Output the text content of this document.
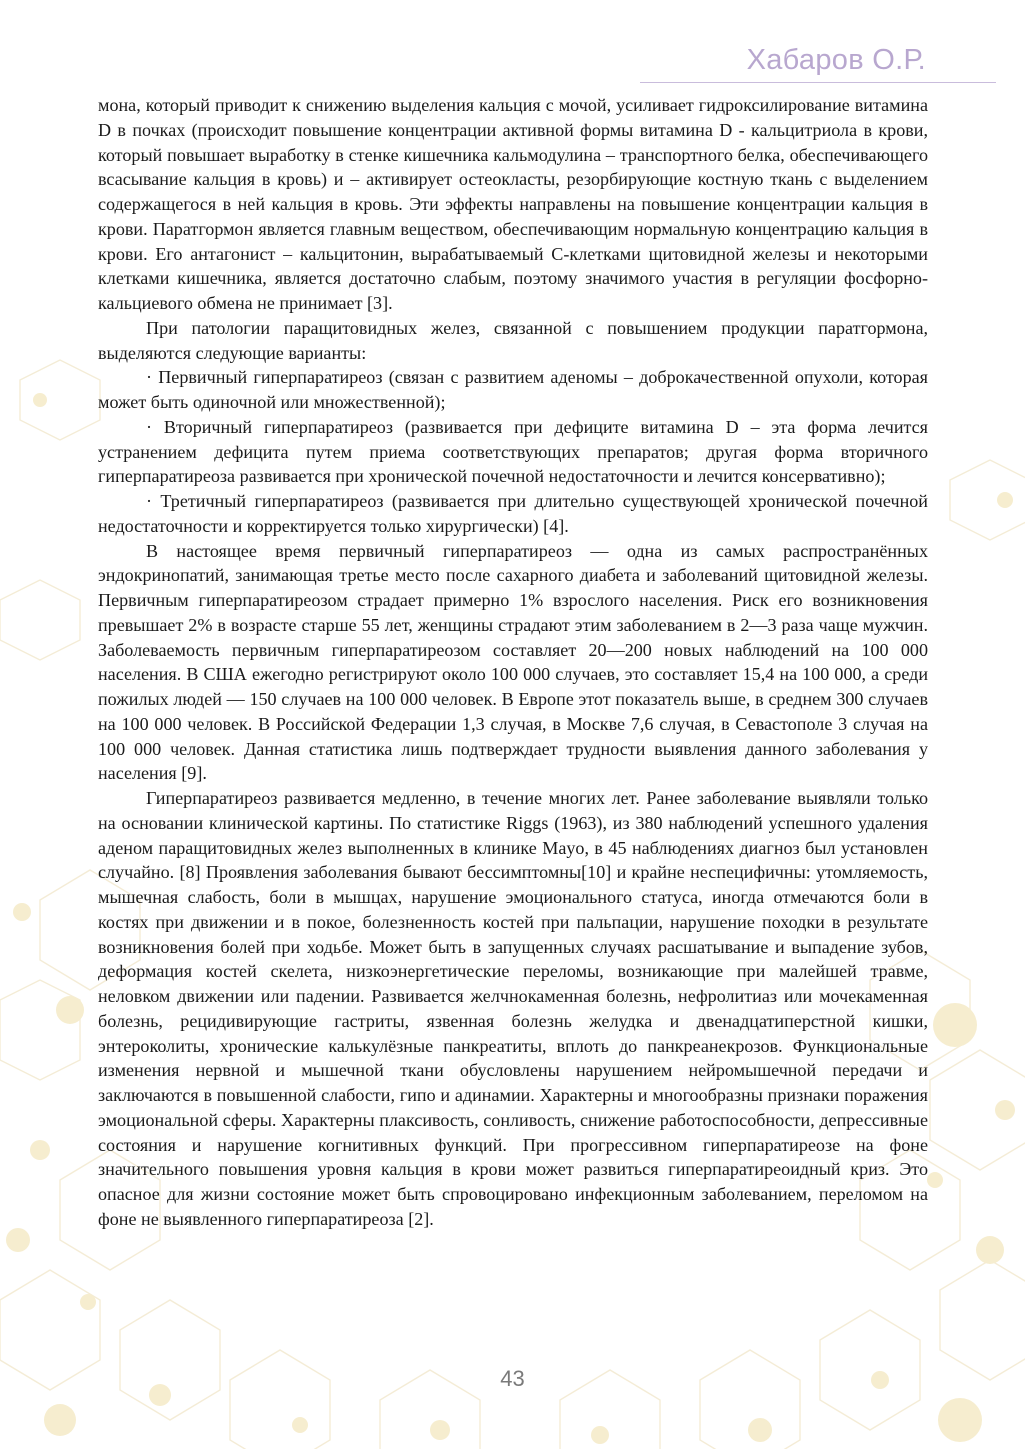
Хабаров О.Р.

мона, который приводит к снижению выделения кальция с мочой, усиливает гидроксилирование витамина D в почках (происходит повышение концентрации активной формы витамина D - кальцитриола в крови, который повышает выработку в стенке кишечника кальмодулина – транспортного белка, обеспечивающего всасывание кальция в кровь) и – активирует остеокласты, резорбирующие костную ткань с выделением содержащегося в ней кальция в кровь. Эти эффекты направлены на повышение концентрации кальция в крови. Паратгормон является главным веществом, обеспечивающим нормальную концентрацию кальция в крови. Его антагонист – кальцитонин, вырабатываемый С-клетками щитовидной железы и некоторыми клетками кишечника, является достаточно слабым, поэтому значимого участия в регуляции фосфорно-кальциевого обмена не принимает [3].

При патологии паращитовидных желез, связанной с повышением продукции паратгормона, выделяются следующие варианты:

· Первичный гиперпаратиреоз (связан с развитием аденомы – доброкачественной опухоли, которая может быть одиночной или множественной);

· Вторичный гиперпаратиреоз (развивается при дефиците витамина D – эта форма лечится устранением дефицита путем приема соответствующих препаратов; другая форма вторичного гиперпаратиреоза развивается при хронической почечной недостаточности и лечится консервативно);

· Третичный гиперпаратиреоз (развивается при длительно существующей хронической почечной недостаточности и корректируется только хирургически) [4].

В настоящее время первичный гиперпаратиреоз — одна из самых распространённых эндокринопатий, занимающая третье место после сахарного диабета и заболеваний щитовидной железы. Первичным гиперпаратиреозом страдает примерно 1% взрослого населения. Риск его возникновения превышает 2% в возрасте старше 55 лет, женщины страдают этим заболеванием в 2—3 раза чаще мужчин. Заболеваемость первичным гиперпаратиреозом составляет 20—200 новых наблюдений на 100 000 населения. В США ежегодно регистрируют около 100 000 случаев, это составляет 15,4 на 100 000, а среди пожилых людей — 150 случаев на 100 000 человек. В Европе этот показатель выше, в среднем 300 случаев на 100 000 человек. В Российской Федерации 1,3 случая, в Москве 7,6 случая, в Севастополе 3 случая на 100 000 человек. Данная статистика лишь подтверждает трудности выявления данного заболевания у населения [9].

Гиперпаратиреоз развивается медленно, в течение многих лет. Ранее заболевание выявляли только на основании клинической картины. По статистике Riggs (1963), из 380 наблюдений успешного удаления аденом паращитовидных желез выполненных в клинике Mayo, в 45 наблюдениях диагноз был установлен случайно. [8] Проявления заболевания бывают бессимптомны[10] и крайне неспецифичны: утомляемость, мышечная слабость, боли в мышцах, нарушение эмоционального статуса, иногда отмечаются боли в костях при движении и в покое, болезненность костей при пальпации, нарушение походки в результате возникновения болей при ходьбе. Может быть в запущенных случаях расшатывание и выпадение зубов, деформация костей скелета, низкоэнергетические переломы, возникающие при малейшей травме, неловком движении или падении. Развивается желчнокаменная болезнь, нефролитиаз или мочекаменная болезнь, рецидивирующие гастриты, язвенная болезнь желудка и двенадцатиперстной кишки, энтероколиты, хронические калькулёзные панкреатиты, вплоть до панкреанекрозов. Функциональные изменения нервной и мышечной ткани обусловлены нарушением нейромышечной передачи и заключаются в повышенной слабости, гипо и адинамии. Характерны и многообразны признаки поражения эмоциональной сферы. Характерны плаксивость, сонливость, снижение работоспособности, депрессивные состояния и нарушение когнитивных функций. При прогрессивном гиперпаратиреозе на фоне значительного повышения уровня кальция в крови может развиться гиперпаратиреоидный криз. Это опасное для жизни состояние может быть спровоцировано инфекционным заболеванием, переломом на фоне не выявленного гиперпаратиреоза [2].

43
